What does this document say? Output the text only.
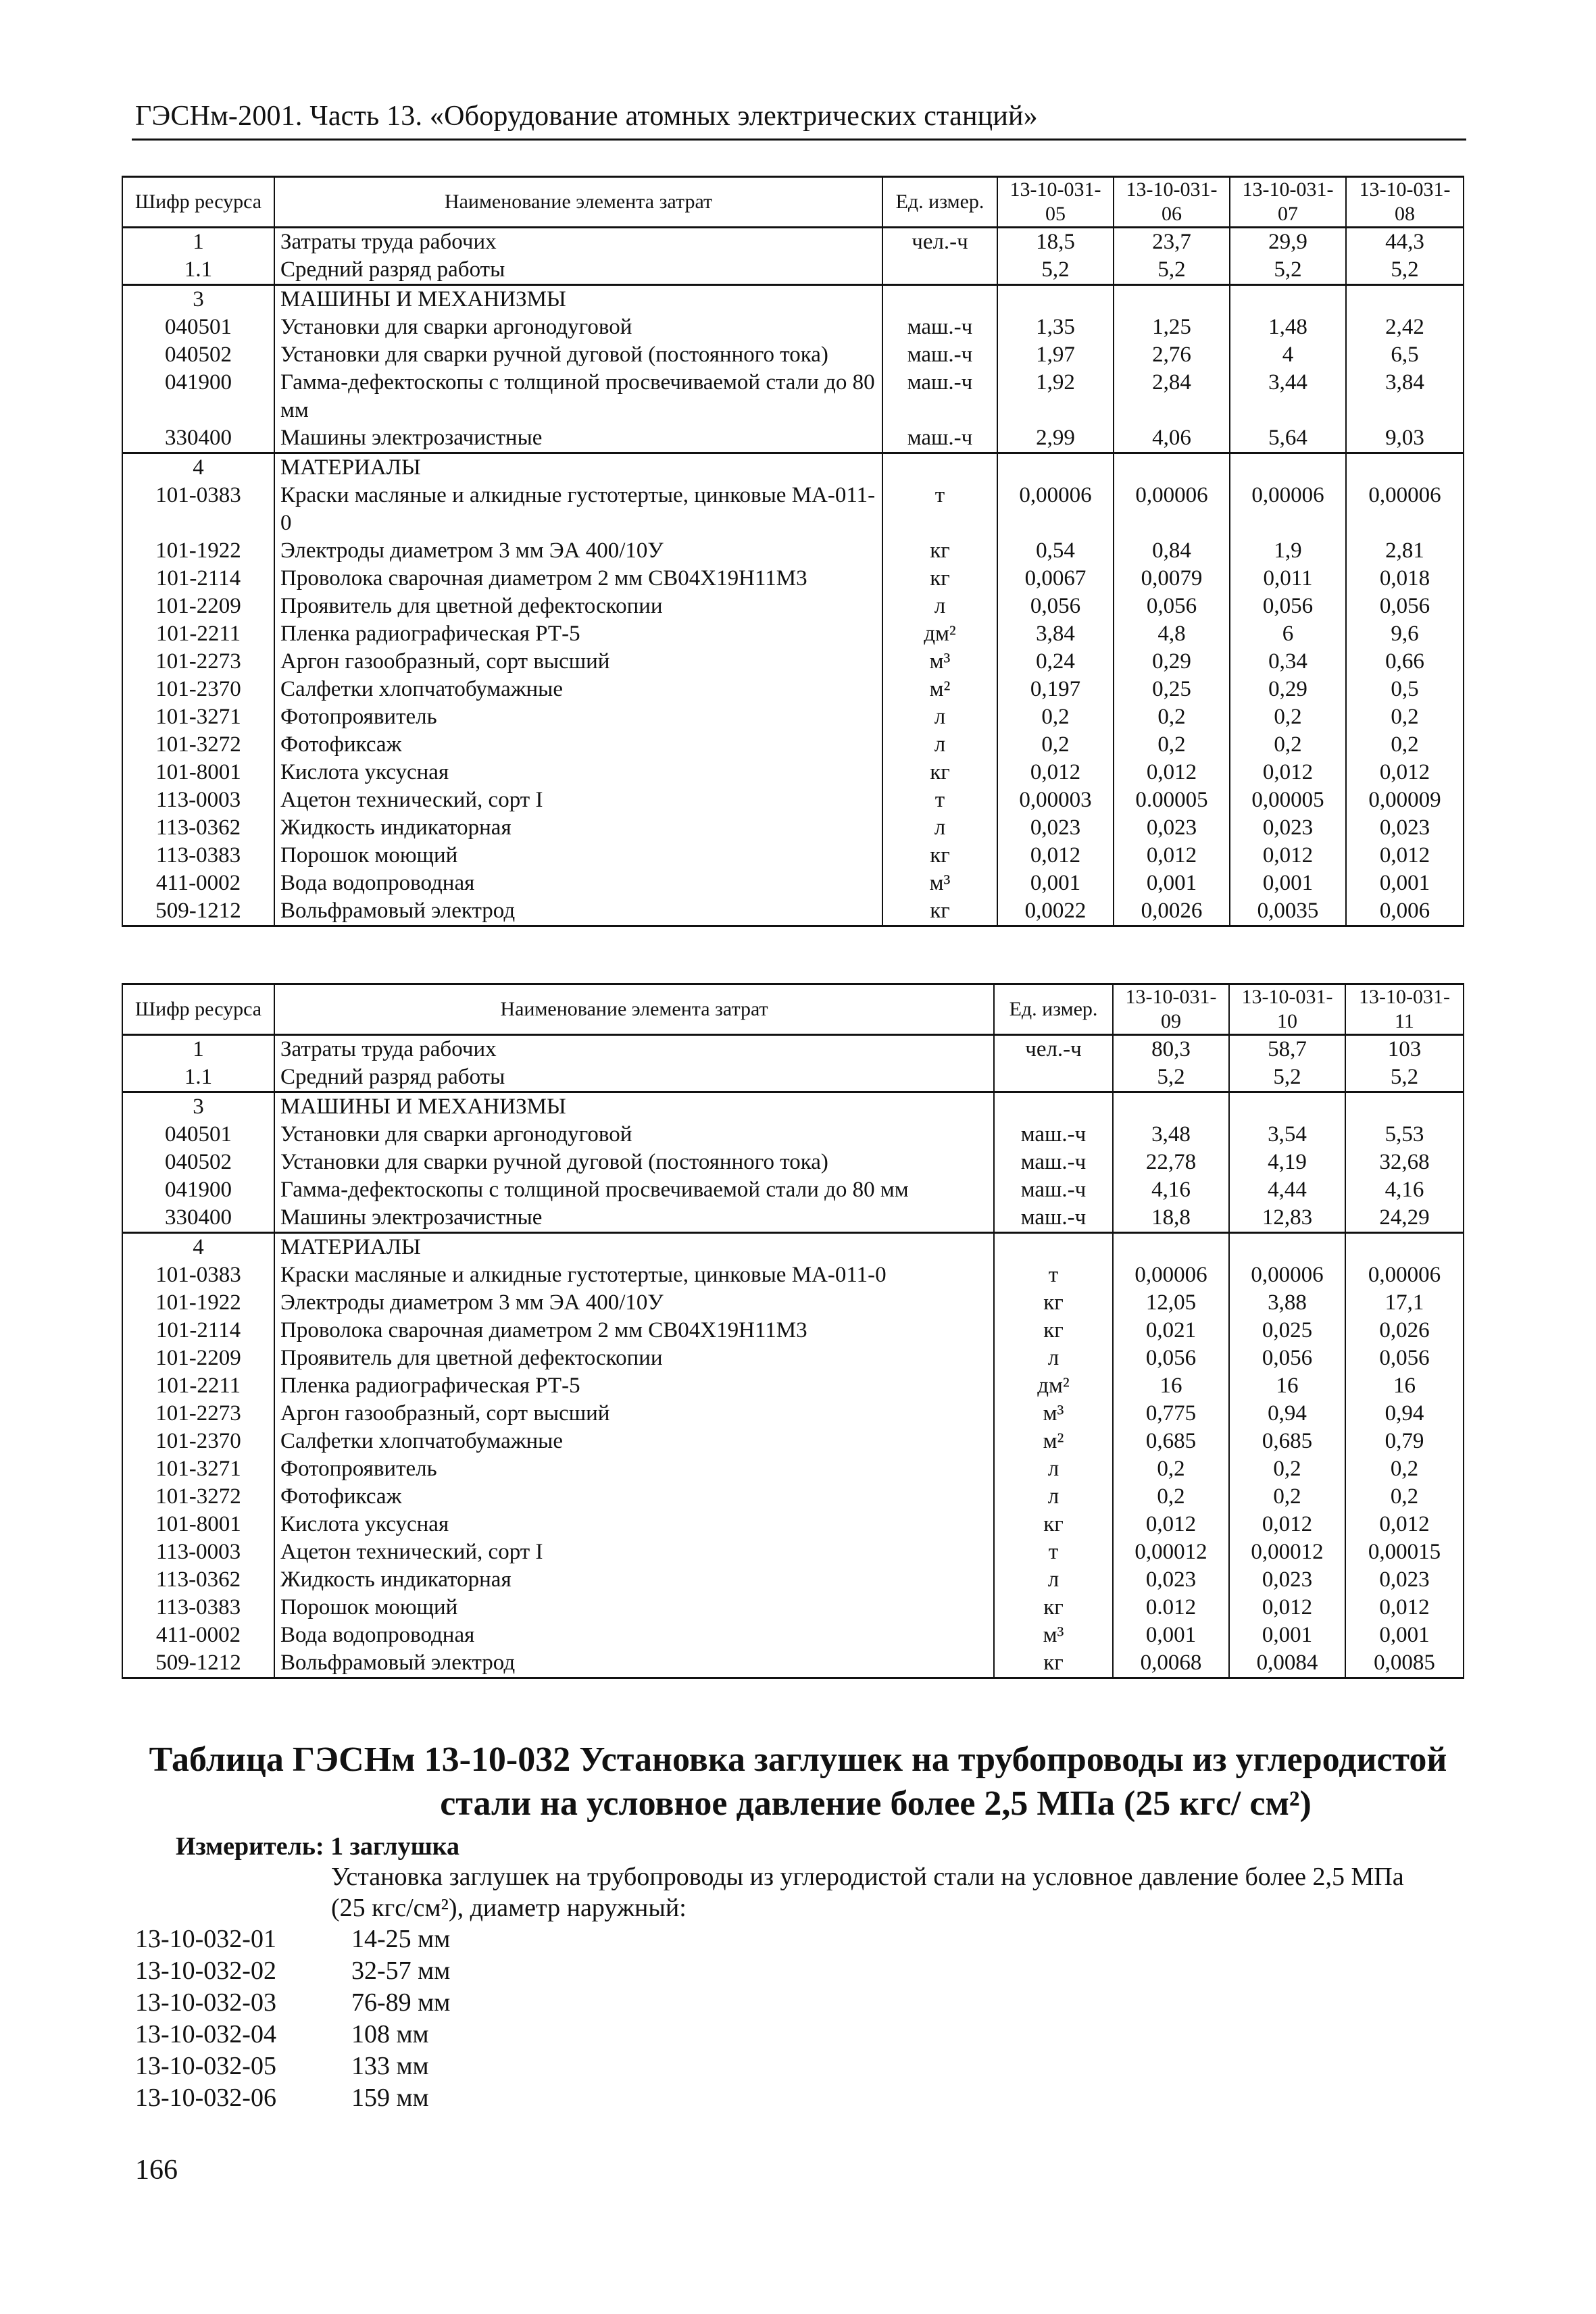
ГЭСНм-2001. Часть 13. «Оборудование атомных электрических станций»
Шифр ресурса	Наименование элемента затрат	Ед. измер.	13-10-031-05	13-10-031-06	13-10-031-07	13-10-031-08
1	Затраты труда рабочих	чел.-ч	18,5	23,7	29,9	44,3
1.1	Средний разряд работы		5,2	5,2	5,2	5,2
3	МАШИНЫ И МЕХАНИЗМЫ					
040501	Установки для сварки аргонодуговой	маш.-ч	1,35	1,25	1,48	2,42
040502	Установки для сварки ручной дуговой (постоянного тока)	маш.-ч	1,97	2,76	4	6,5
041900	Гамма-дефектоскопы с толщиной просвечиваемой стали до 80 мм	маш.-ч	1,92	2,84	3,44	3,84
330400	Машины электрозачистные	маш.-ч	2,99	4,06	5,64	9,03
4	МАТЕРИАЛЫ					
101-0383	Краски масляные и алкидные густотертые, цинковые МА-011-0	т	0,00006	0,00006	0,00006	0,00006
101-1922	Электроды диаметром 3 мм ЭА 400/10У	кг	0,54	0,84	1,9	2,81
101-2114	Проволока сварочная диаметром 2 мм СВ04Х19Н11М3	кг	0,0067	0,0079	0,011	0,018
101-2209	Проявитель для цветной дефектоскопии	л	0,056	0,056	0,056	0,056
101-2211	Пленка радиографическая РТ-5	дм²	3,84	4,8	6	9,6
101-2273	Аргон газообразный, сорт высший	м³	0,24	0,29	0,34	0,66
101-2370	Салфетки хлопчатобумажные	м²	0,197	0,25	0,29	0,5
101-3271	Фотопроявитель	л	0,2	0,2	0,2	0,2
101-3272	Фотофиксаж	л	0,2	0,2	0,2	0,2
101-8001	Кислота уксусная	кг	0,012	0,012	0,012	0,012
113-0003	Ацетон технический, сорт I	т	0,00003	0.00005	0,00005	0,00009
113-0362	Жидкость индикаторная	л	0,023	0,023	0,023	0,023
113-0383	Порошок моющий	кг	0,012	0,012	0,012	0,012
411-0002	Вода водопроводная	м³	0,001	0,001	0,001	0,001
509-1212	Вольфрамовый электрод	кг	0,0022	0,0026	0,0035	0,006
Шифр ресурса	Наименование элемента затрат	Ед. измер.	13-10-031-09	13-10-031-10	13-10-031-11
1	Затраты труда рабочих	чел.-ч	80,3	58,7	103
1.1	Средний разряд работы		5,2	5,2	5,2
3	МАШИНЫ И МЕХАНИЗМЫ				
040501	Установки для сварки аргонодуговой	маш.-ч	3,48	3,54	5,53
040502	Установки для сварки ручной дуговой (постоянного тока)	маш.-ч	22,78	4,19	32,68
041900	Гамма-дефектоскопы с толщиной просвечиваемой стали до 80 мм	маш.-ч	4,16	4,44	4,16
330400	Машины электрозачистные	маш.-ч	18,8	12,83	24,29
4	МАТЕРИАЛЫ				
101-0383	Краски масляные и алкидные густотертые, цинковые МА-011-0	т	0,00006	0,00006	0,00006
101-1922	Электроды диаметром 3 мм ЭА 400/10У	кг	12,05	3,88	17,1
101-2114	Проволока сварочная диаметром 2 мм СВ04Х19Н11М3	кг	0,021	0,025	0,026
101-2209	Проявитель для цветной дефектоскопии	л	0,056	0,056	0,056
101-2211	Пленка радиографическая РТ-5	дм²	16	16	16
101-2273	Аргон газообразный, сорт высший	м³	0,775	0,94	0,94
101-2370	Салфетки хлопчатобумажные	м²	0,685	0,685	0,79
101-3271	Фотопроявитель	л	0,2	0,2	0,2
101-3272	Фотофиксаж	л	0,2	0,2	0,2
101-8001	Кислота уксусная	кг	0,012	0,012	0,012
113-0003	Ацетон технический, сорт I	т	0,00012	0,00012	0,00015
113-0362	Жидкость индикаторная	л	0,023	0,023	0,023
113-0383	Порошок моющий	кг	0.012	0,012	0,012
411-0002	Вода водопроводная	м³	0,001	0,001	0,001
509-1212	Вольфрамовый электрод	кг	0,0068	0,0084	0,0085
Таблица ГЭСНм 13-10-032 Установка заглушек на трубопроводы из углеродистой
стали на условное давление более 2,5 МПа (25 кгс/ см²)
Измеритель: 1 заглушка
Установка заглушек на трубопроводы из углеродистой стали на условное давление более 2,5 МПа (25 кгс/см²), диаметр наружный:
13-10-032-01	14-25 мм
13-10-032-02	32-57 мм
13-10-032-03	76-89 мм
13-10-032-04	108 мм
13-10-032-05	133 мм
13-10-032-06	159 мм
166
